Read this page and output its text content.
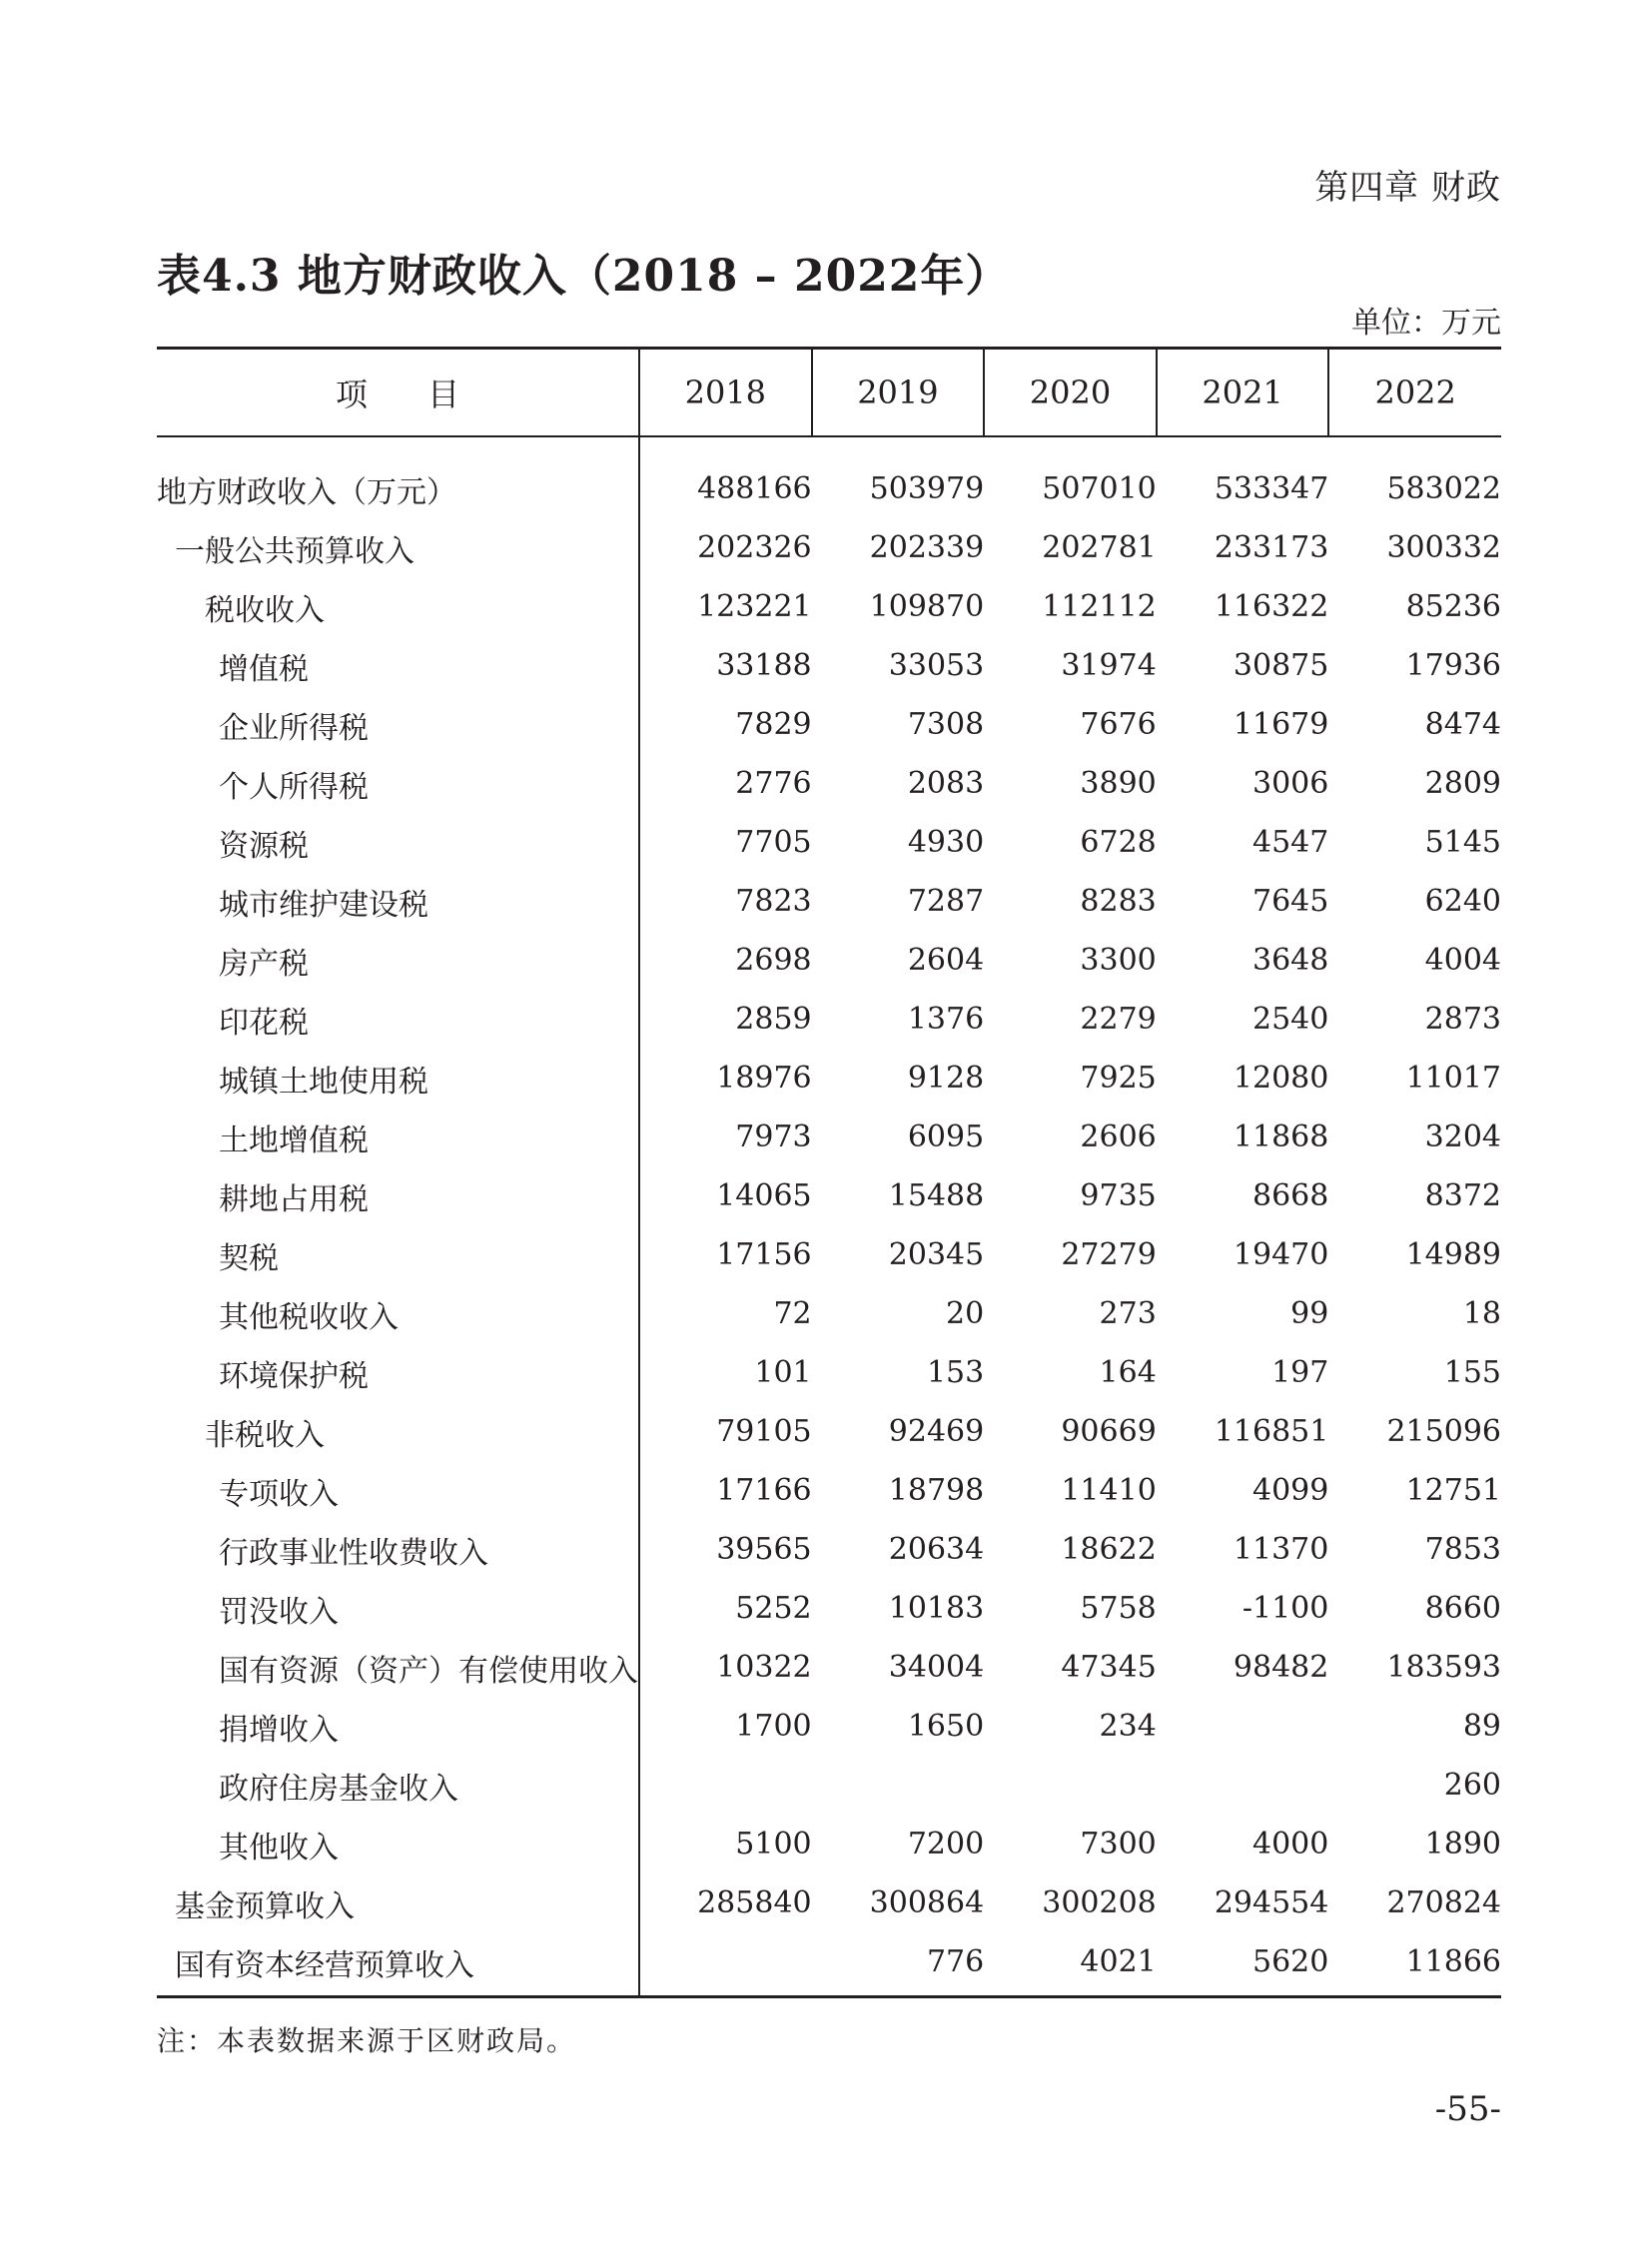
第四章 财政
表4.3 地方财政收入（2018 – 2022年）
单位：万元
项目	2018	2019	2020	2021	2022
地方财政收入（万元）	488166	503979	507010	533347	583022
一般公共预算收入	202326	202339	202781	233173	300332
税收收入	123221	109870	112112	116322	85236
增值税	33188	33053	31974	30875	17936
企业所得税	7829	7308	7676	11679	8474
个人所得税	2776	2083	3890	3006	2809
资源税	7705	4930	6728	4547	5145
城市维护建设税	7823	7287	8283	7645	6240
房产税	2698	2604	3300	3648	4004
印花税	2859	1376	2279	2540	2873
城镇土地使用税	18976	9128	7925	12080	11017
土地增值税	7973	6095	2606	11868	3204
耕地占用税	14065	15488	9735	8668	8372
契税	17156	20345	27279	19470	14989
其他税收收入	72	20	273	99	18
环境保护税	101	153	164	197	155
非税收入	79105	92469	90669	116851	215096
专项收入	17166	18798	11410	4099	12751
行政事业性收费收入	39565	20634	18622	11370	7853
罚没收入	5252	10183	5758	-1100	8660
国有资源（资产）有偿使用收入	10322	34004	47345	98482	183593
捐增收入	1700	1650	234		89
政府住房基金收入					260
其他收入	5100	7200	7300	4000	1890
基金预算收入	285840	300864	300208	294554	270824
国有资本经营预算收入		776	4021	5620	11866
注：本表数据来源于区财政局。
-55-
